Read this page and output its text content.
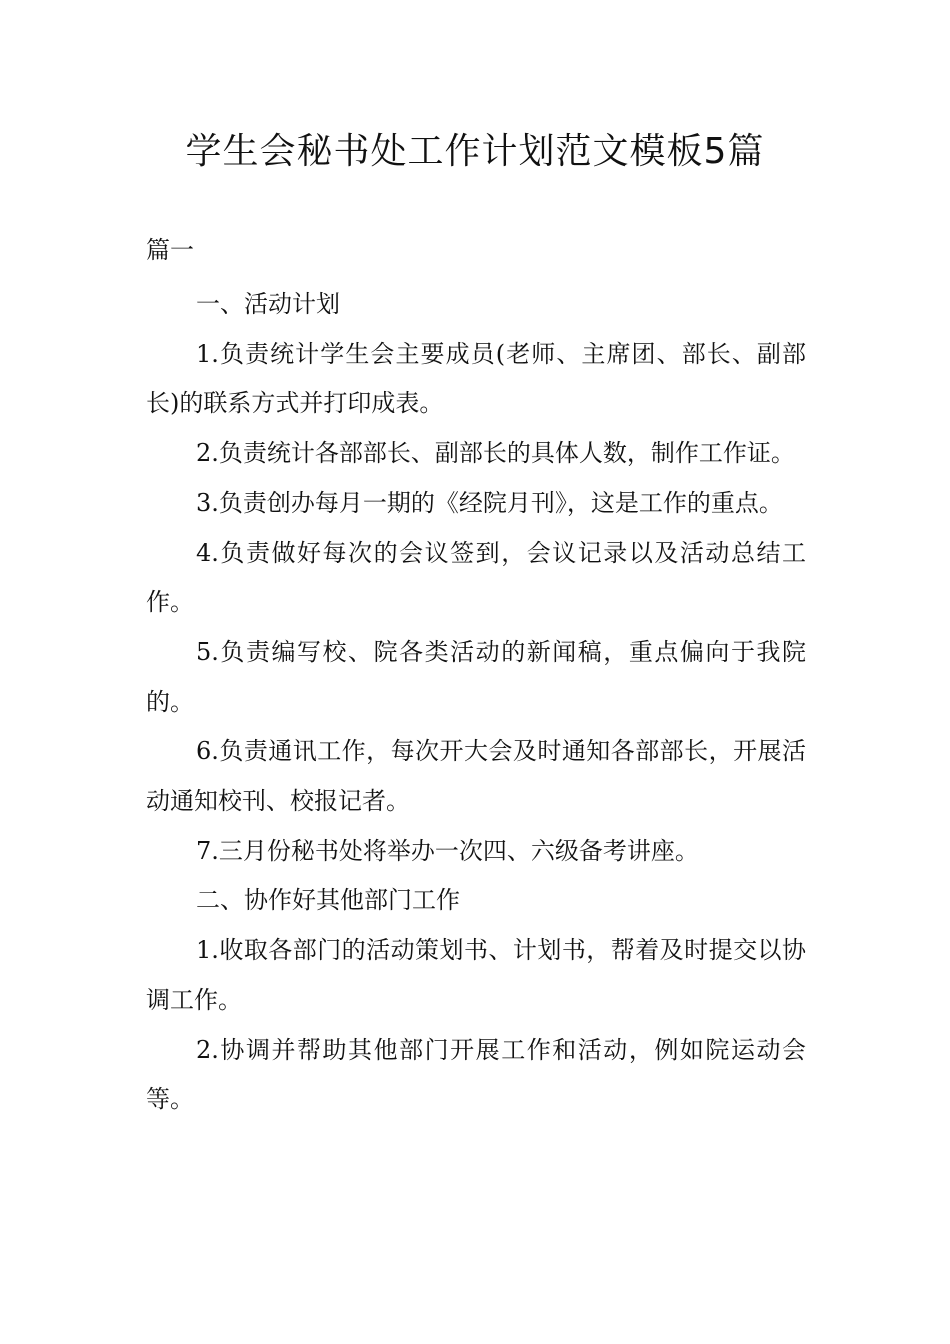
学生会秘书处工作计划范文模板5篇
篇一

一、活动计划

1.负责统计学生会主要成员(老师、主席团、部长、副部长)的联系方式并打印成表。

2.负责统计各部部长、副部长的具体人数，制作工作证。

3.负责创办每月一期的《经院月刊》，这是工作的重点。

4.负责做好每次的会议签到，会议记录以及活动总结工作。

5.负责编写校、院各类活动的新闻稿，重点偏向于我院的。

6.负责通讯工作，每次开大会及时通知各部部长，开展活动通知校刊、校报记者。

7.三月份秘书处将举办一次四、六级备考讲座。

二、协作好其他部门工作

1.收取各部门的活动策划书、计划书，帮着及时提交以协调工作。

2.协调并帮助其他部门开展工作和活动，例如院运动会等。
